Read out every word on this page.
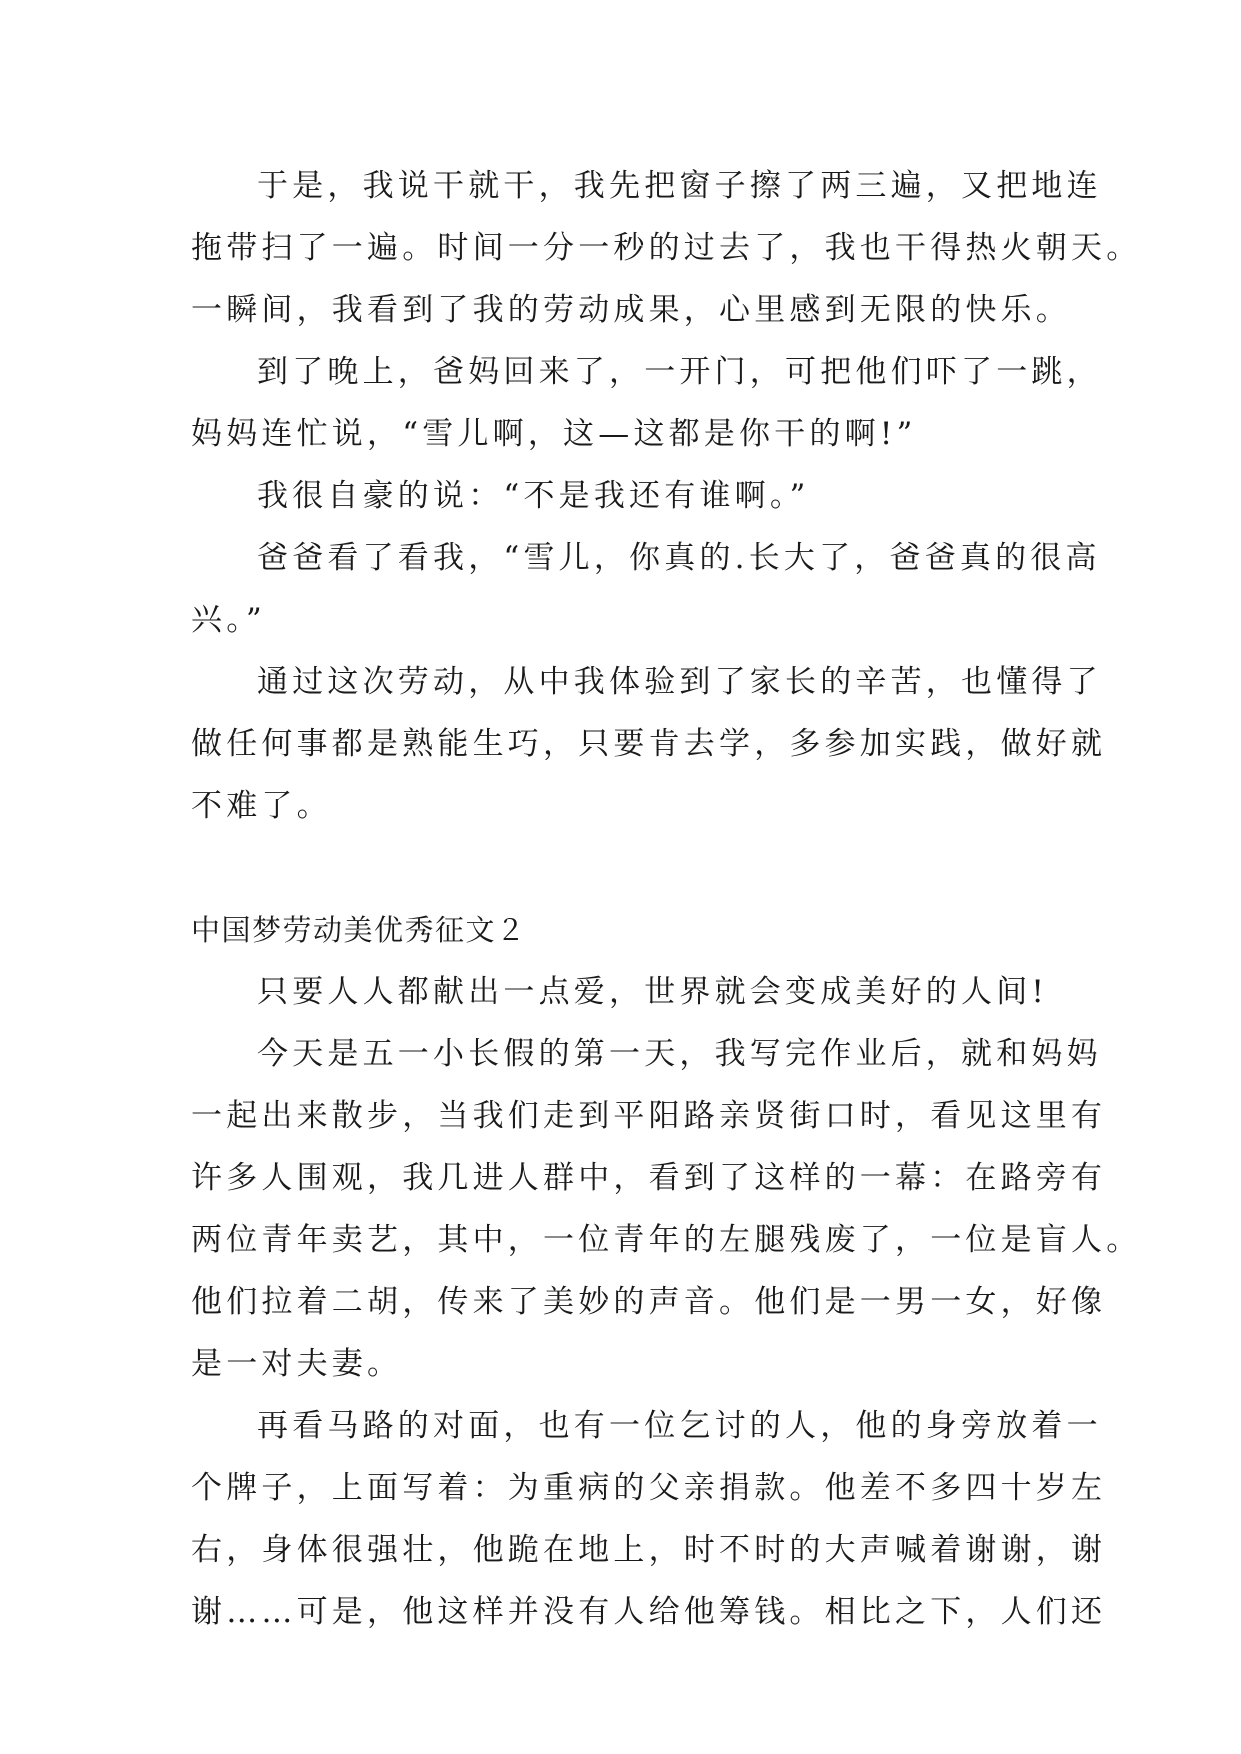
于是，我说干就干，我先把窗子擦了两三遍，又把地连
拖带扫了一遍。时间一分一秒的过去了，我也干得热火朝天。
一瞬间，我看到了我的劳动成果，心里感到无限的快乐。
到了晚上，爸妈回来了，一开门，可把他们吓了一跳，
妈妈连忙说，“雪儿啊，这—这都是你干的啊!”
我很自豪的说：“不是我还有谁啊。”
爸爸看了看我，“雪儿，你真的.长大了，爸爸真的很高
兴。”
通过这次劳动，从中我体验到了家长的辛苦，也懂得了
做任何事都是熟能生巧，只要肯去学，多参加实践，做好就
不难了。
中国梦劳动美优秀征文２
只要人人都献出一点爱，世界就会变成美好的人间!
今天是五一小长假的第一天，我写完作业后，就和妈妈
一起出来散步，当我们走到平阳路亲贤街口时，看见这里有
许多人围观，我几进人群中，看到了这样的一幕：在路旁有
两位青年卖艺，其中，一位青年的左腿残废了，一位是盲人。
他们拉着二胡，传来了美妙的声音。他们是一男一女，好像
是一对夫妻。
再看马路的对面，也有一位乞讨的人，他的身旁放着一
个牌子，上面写着：为重病的父亲捐款。他差不多四十岁左
右，身体很强壮，他跪在地上，时不时的大声喊着谢谢，谢
谢……可是，他这样并没有人给他筹钱。相比之下，人们还
